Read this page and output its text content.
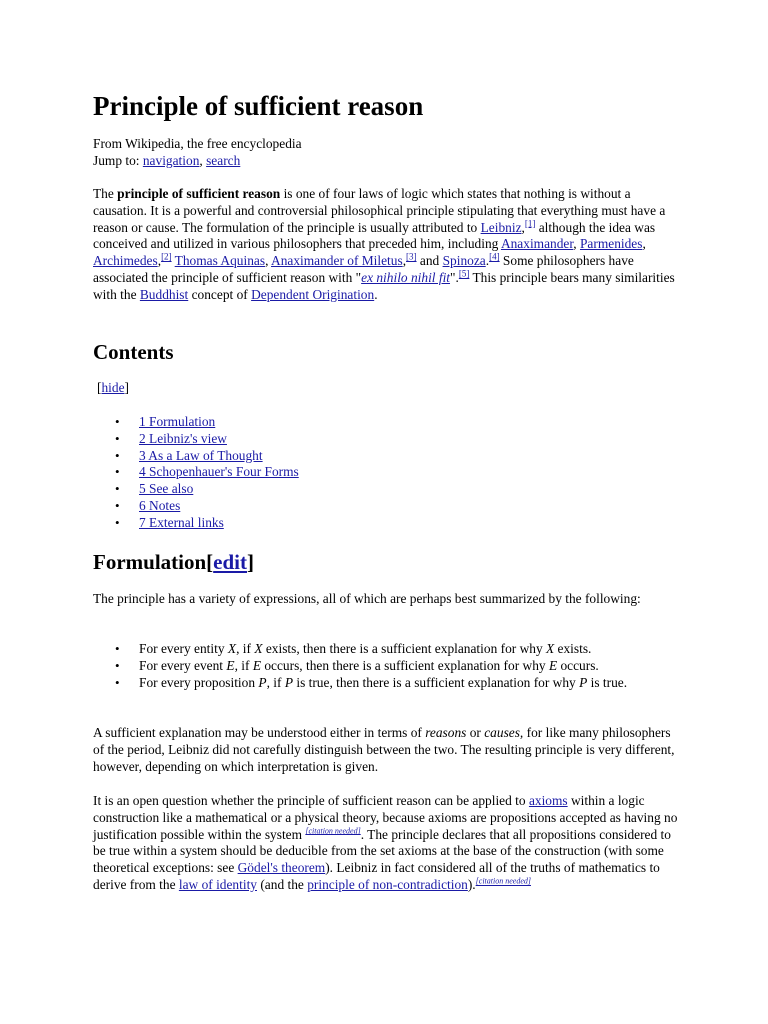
Principle of sufficient reason
From Wikipedia, the free encyclopedia
Jump to: navigation, search

The principle of sufficient reason is one of four laws of logic which states that nothing is without a causation. It is a powerful and controversial philosophical principle stipulating that everything must have a reason or cause. The formulation of the principle is usually attributed to Leibniz,[1] although the idea was conceived and utilized in various philosophers that preceded him, including Anaximander, Parmenides, Archimedes,[2] Thomas Aquinas, Anaximander of Miletus,[3] and Spinoza.[4] Some philosophers have associated the principle of sufficient reason with "ex nihilo nihil fit".[5] This principle bears many similarities with the Buddhist concept of Dependent Origination.

Contents
[hide]
• 1 Formulation
• 2 Leibniz's view
• 3 As a Law of Thought
• 4 Schopenhauer's Four Forms
• 5 See also
• 6 Notes
• 7 External links
Formulation[edit]

The principle has a variety of expressions, all of which are perhaps best summarized by the following:

• For every entity X, if X exists, then there is a sufficient explanation for why X exists.
• For every event E, if E occurs, then there is a sufficient explanation for why E occurs.
• For every proposition P, if P is true, then there is a sufficient explanation for why P is true.

A sufficient explanation may be understood either in terms of reasons or causes, for like many philosophers of the period, Leibniz did not carefully distinguish between the two. The resulting principle is very different, however, depending on which interpretation is given.

It is an open question whether the principle of sufficient reason can be applied to axioms within a logic construction like a mathematical or a physical theory, because axioms are propositions accepted as having no justification possible within the system [citation needed]. The principle declares that all propositions considered to be true within a system should be deducible from the set axioms at the base of the construction (with some theoretical exceptions: see Gödel's theorem). Leibniz in fact considered all of the truths of mathematics to derive from the law of identity (and the principle of non-contradiction).[citation needed]
